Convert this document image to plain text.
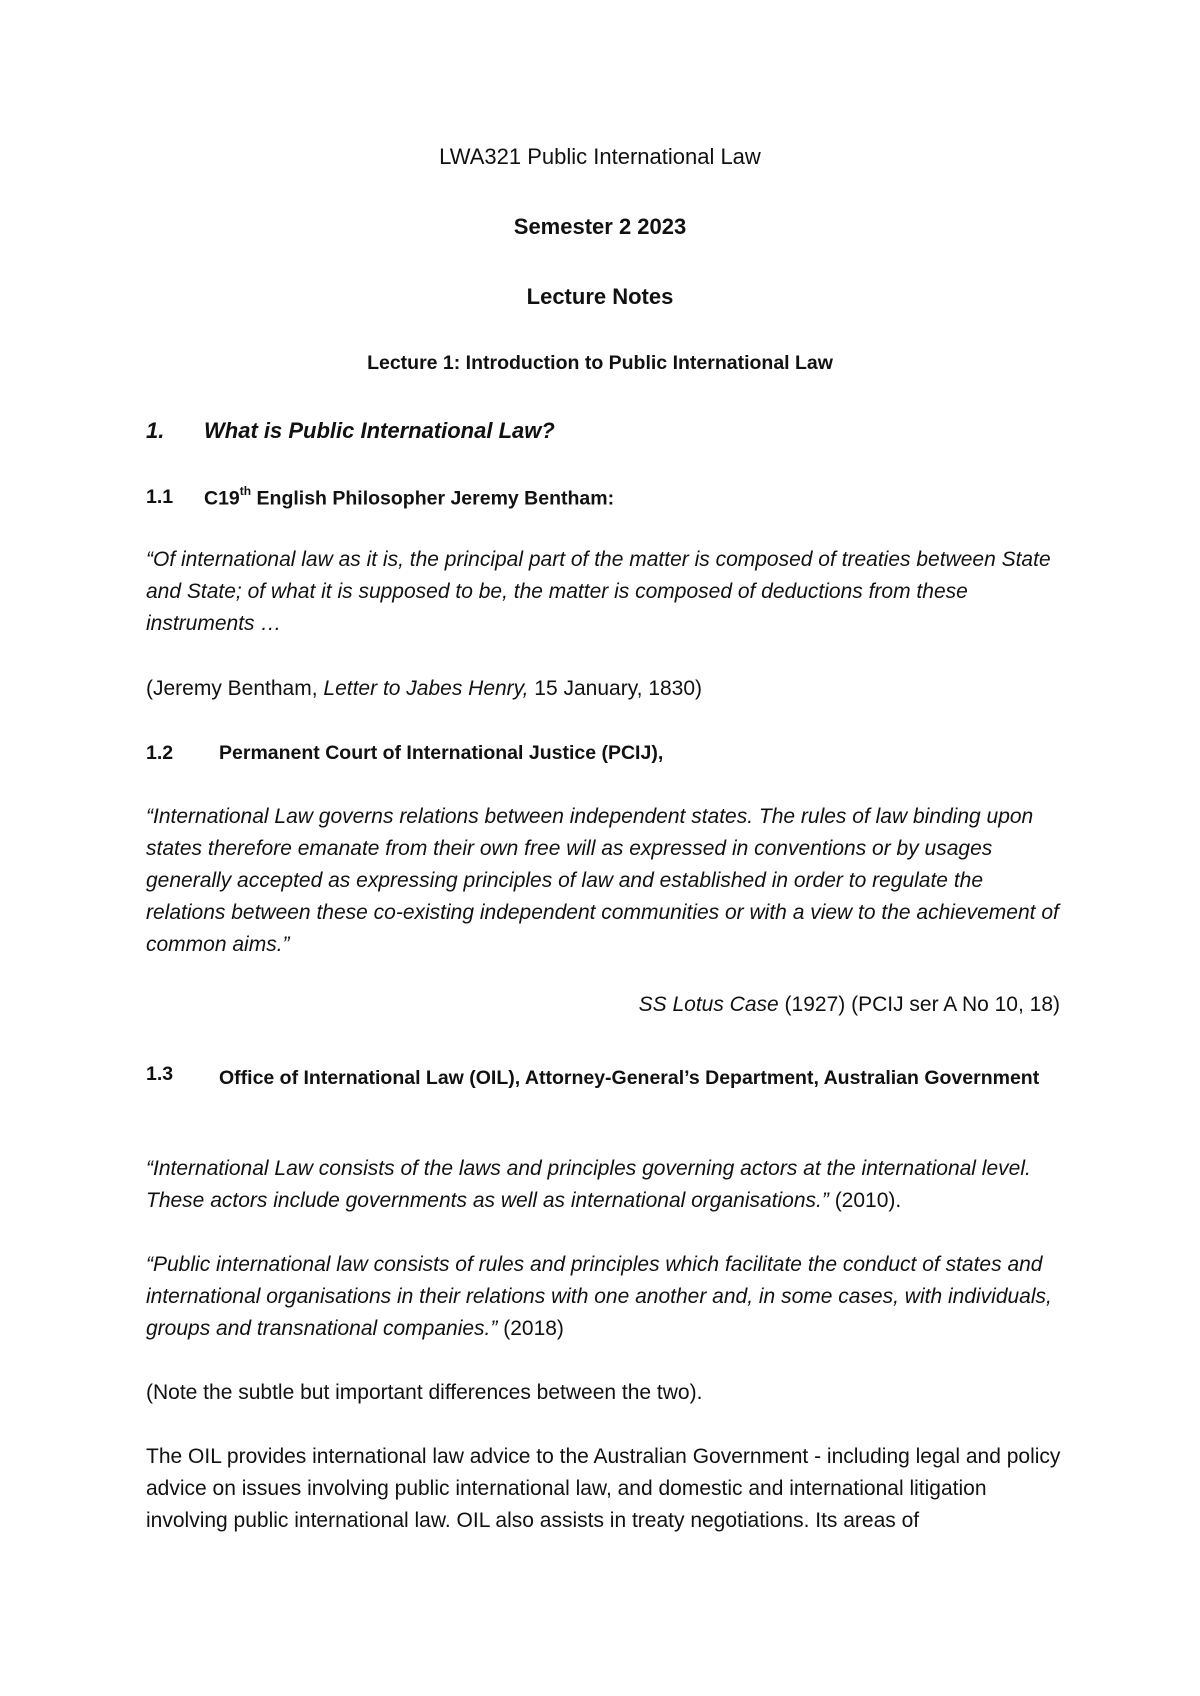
LWA321 Public International Law
Semester 2 2023
Lecture Notes
Lecture 1: Introduction to Public International Law
1. What is Public International Law?
1.1 C19th English Philosopher Jeremy Bentham:
“Of international law as it is, the principal part of the matter is composed of treaties between State and State; of what it is supposed to be, the matter is composed of deductions from these instruments …
(Jeremy Bentham, Letter to Jabes Henry, 15 January, 1830)
1.2 Permanent Court of International Justice (PCIJ),
“International Law governs relations between independent states. The rules of law binding upon states therefore emanate from their own free will as expressed in conventions or by usages generally accepted as expressing principles of law and established in order to regulate the relations between these co-existing independent communities or with a view to the achievement of common aims.”
SS Lotus Case (1927) (PCIJ ser A No 10, 18)
1.3 Office of International Law (OIL), Attorney-General’s Department, Australian Government
“International Law consists of the laws and principles governing actors at the international level. These actors include governments as well as international organisations.” (2010).
“Public international law consists of rules and principles which facilitate the conduct of states and international organisations in their relations with one another and, in some cases, with individuals, groups and transnational companies.” (2018)
(Note the subtle but important differences between the two).
The OIL provides international law advice to the Australian Government - including legal and policy advice on issues involving public international law, and domestic and international litigation involving public international law. OIL also assists in treaty negotiations. Its areas of
